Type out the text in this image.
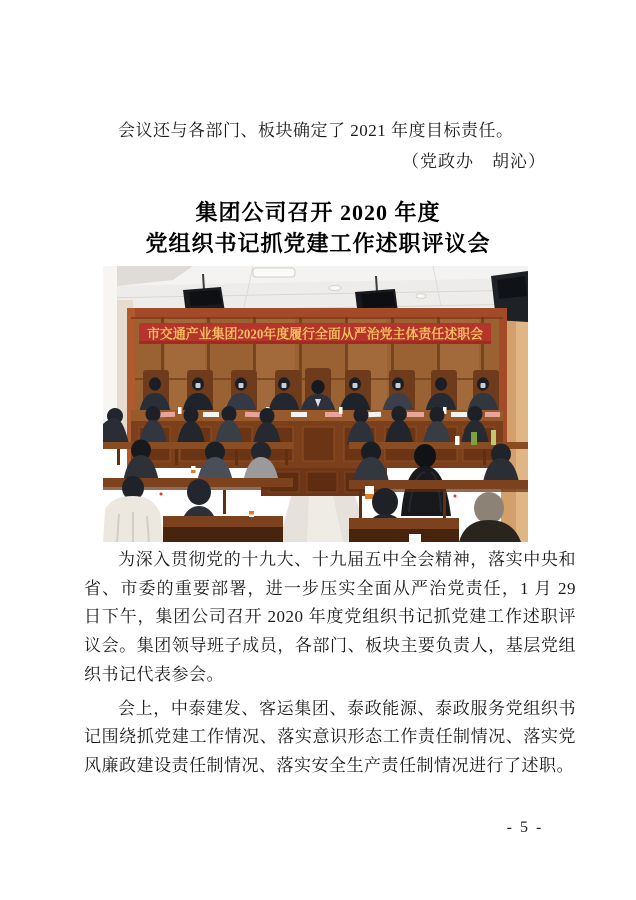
会议还与各部门、板块确定了 2021 年度目标责任。
（党政办　胡沁）
集团公司召开 2020 年度
党组织书记抓党建工作述职评议会
市交通产业集团2020年度履行全面从严治党主体责任述职会

为深入贯彻党的十九大、十九届五中全会精神，落实中央和省、市委的重要部署，进一步压实全面从严治党责任，1 月 29 日下午，集团公司召开 2020 年度党组织书记抓党建工作述职评议会。集团领导班子成员，各部门、板块主要负责人，基层党组织书记代表参会。

会上，中泰建发、客运集团、泰政能源、泰政服务党组织书记围绕抓党建工作情况、落实意识形态工作责任制情况、落实党风廉政建设责任制情况、落实安全生产责任制情况进行了述职。

- 5 -
